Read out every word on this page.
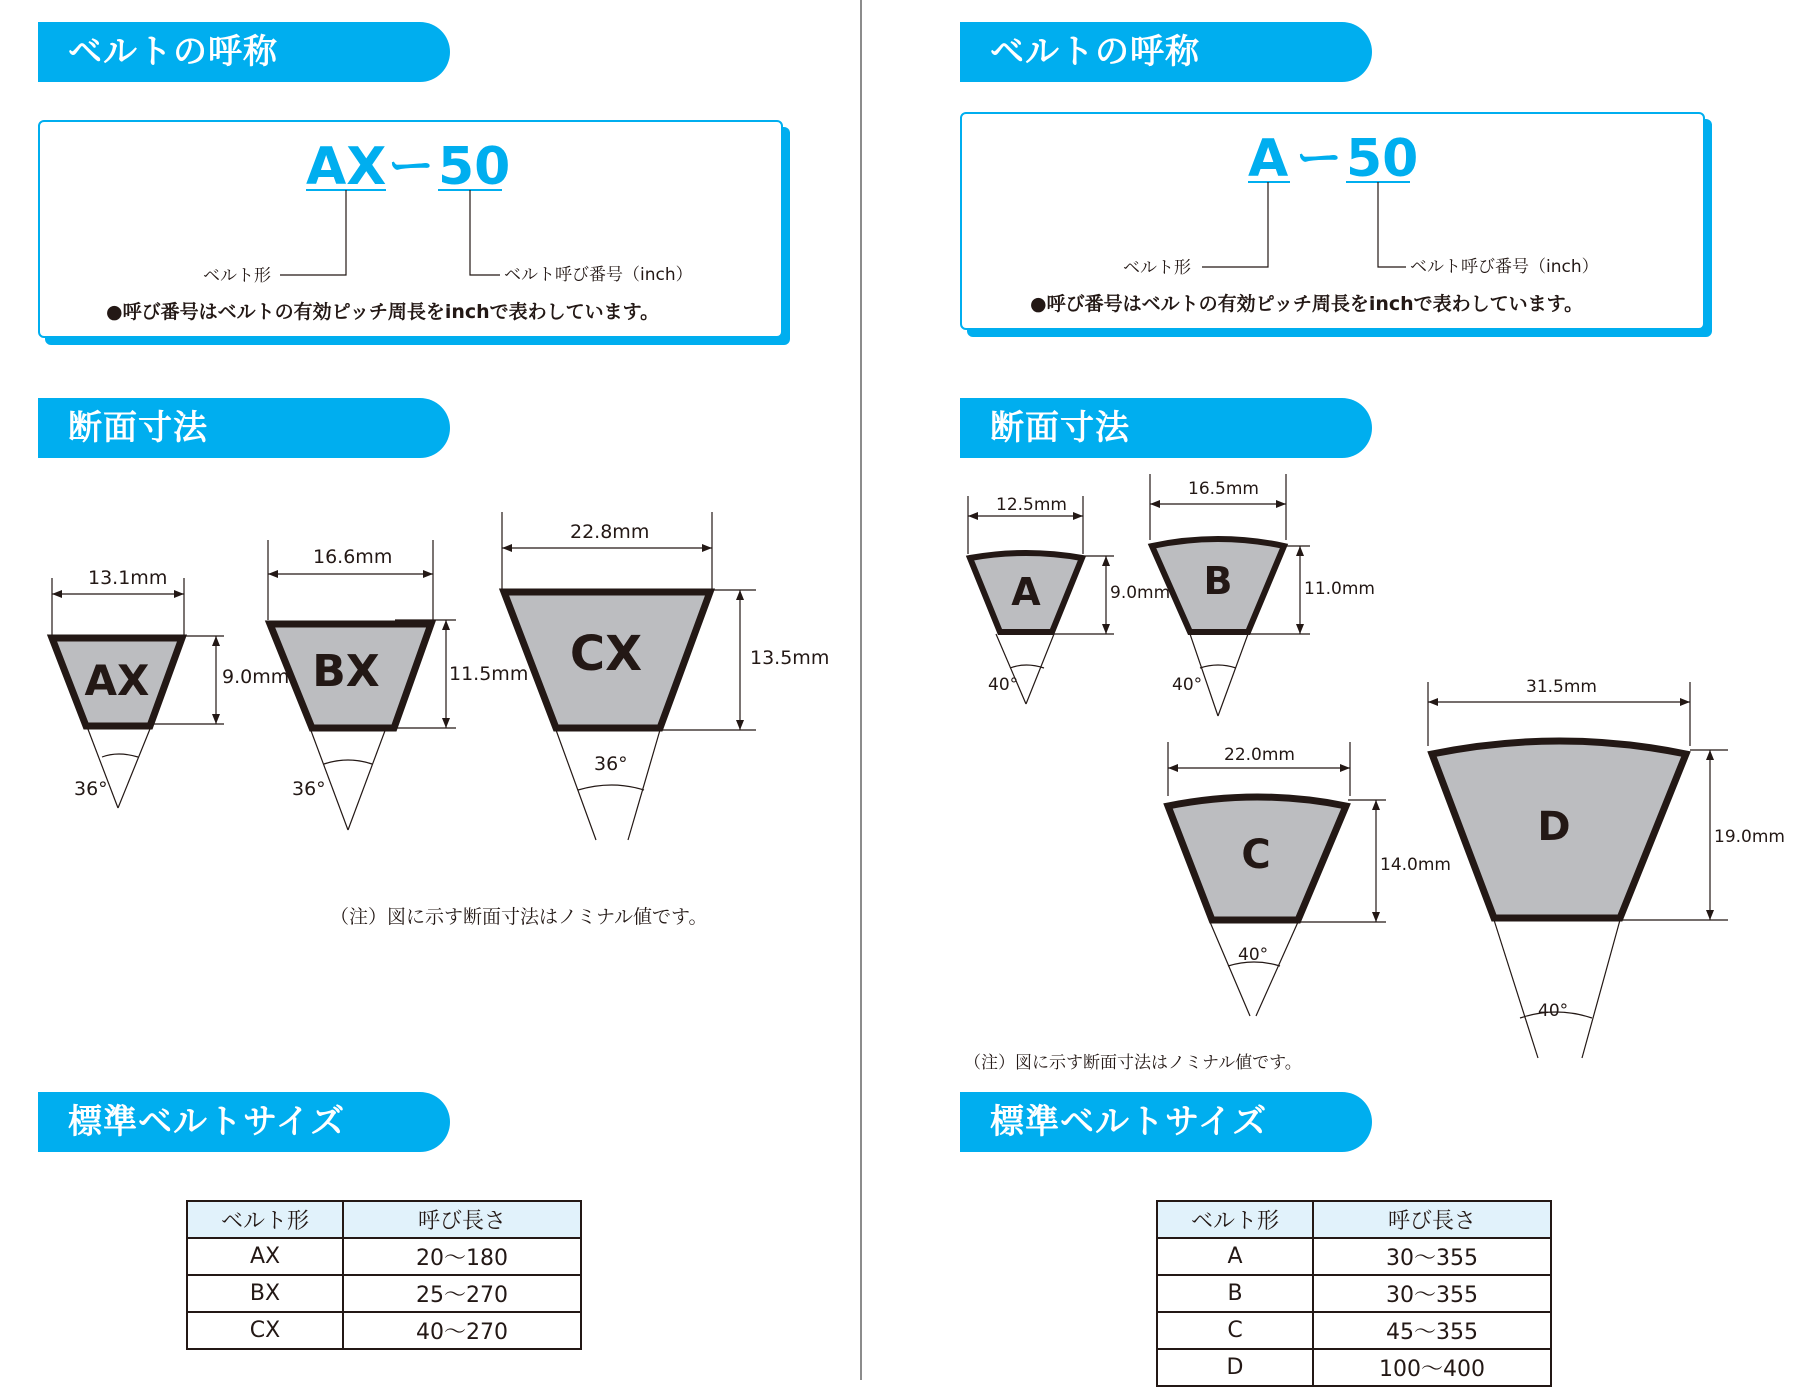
ベルトの呼称
AX ー 50
ベルト形	ベルト呼び番号（inch）
●呼び番号はベルトの有効ピッチ周長をinchで表わしています。
断面寸法
AX	BX	CX
13.1mm
9.0mm
36°
16.6mm
11.5mm
36°
22.8mm
13.5mm
36°
（注）図に示す断面寸法はノミナル値です。
標準ベルトサイズ
ベルト形	呼び長さ
AX	20〜180
BX	25〜270
CX	40〜270
ベルトの呼称
A ー 50
ベルト形	ベルト呼び番号（inch）
●呼び番号はベルトの有効ピッチ周長をinchで表わしています。
断面寸法
A	B
C
D
12.5mm
9.0mm
40°
16.5mm
11.0mm
40°
22.0mm
14.0mm
40°
31.5mm
19.0mm
40°
（注）図に示す断面寸法はノミナル値です。
標準ベルトサイズ
ベルト形	呼び長さ
A	30〜355
B	30〜355
C	45〜355
D	100〜400
